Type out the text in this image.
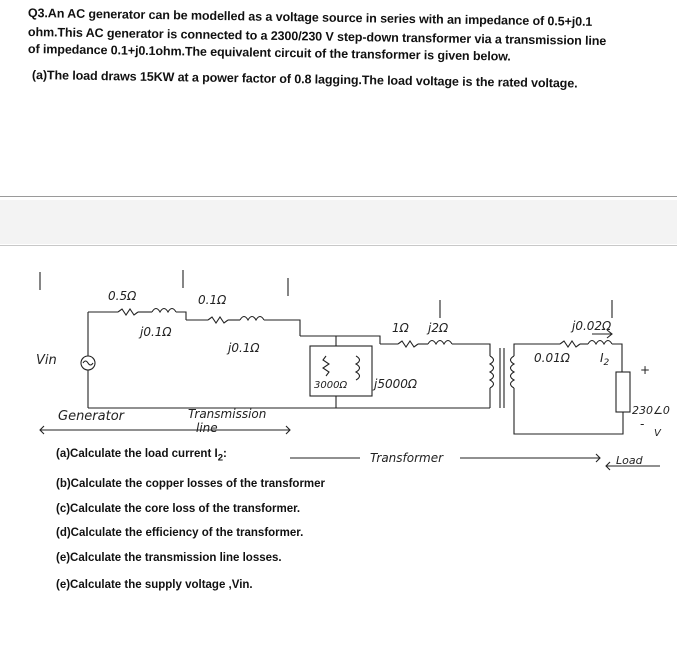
Q3.An AC generator can be modelled as a voltage source in series with an impedance of 0.5+j0.1
ohm.This AC generator is connected to a 2300/230 V step-down transformer via a transmission line
of impedance 0.1+j0.1ohm.The equivalent circuit of the transformer is given below.
(a)The load draws 15KW at a power factor of 0.8 lagging.The load voltage is the rated voltage.
0.5Ω
j0.1Ω
0.1Ω
j0.1Ω
Vin
3000Ω j5000Ω
1Ω j2Ω
0.01Ω
j0.02Ω
$I_2$	+
230∠0
-
V
Generator	Transmission
line
Transformer	Load
(a)Calculate the load current $I_2$:
(b)Calculate the copper losses of the transformer
(c)Calculate the core loss of the transformer.
(d)Calculate the efficiency of the transformer.
(e)Calculate the transmission line losses.
(e)Calculate the supply voltage ,Vin.
